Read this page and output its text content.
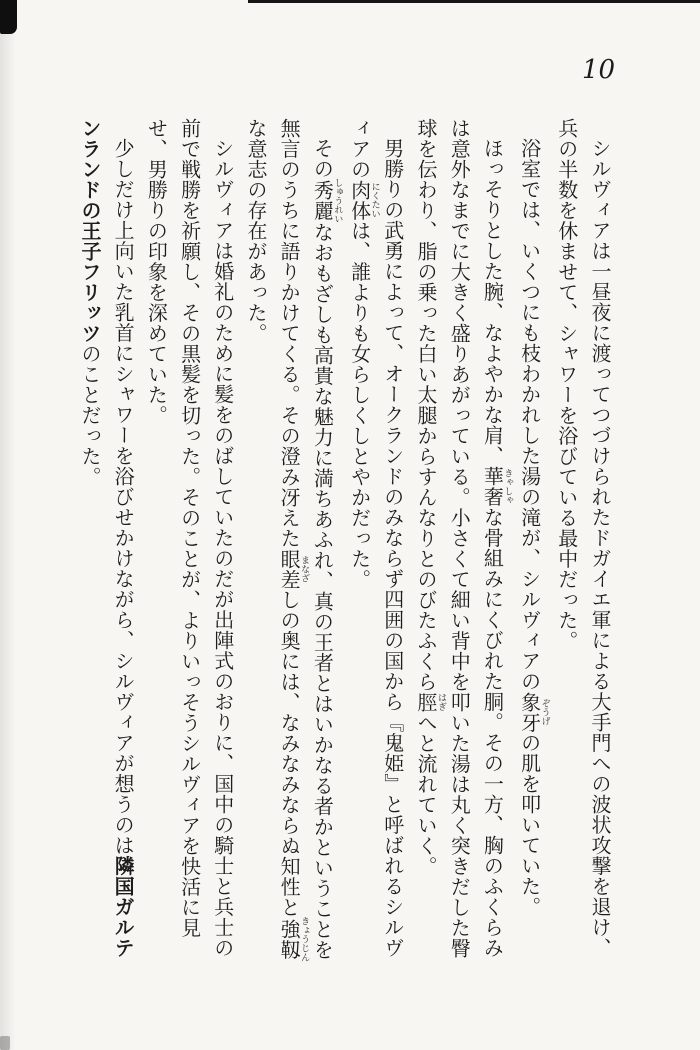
10

シルヴィアは一昼夜に渡ってつづけられたドガイエ軍による大手門への波状攻撃を退け、兵の半数を休ませて、シャワーを浴びている最中だった。

浴室では、いくつにも枝わかれした湯の滝が、シルヴィアの象牙ぞうげの肌を叩いていた。

ほっそりとした腕、なよやかな肩、華奢きゃしゃな骨組みにくびれた胴。その一方、胸のふくらみは意外なまでに大きく盛りあがっている。小さくて細い背中を叩いた湯は丸く突きだした臀球を伝わり、脂の乗った白い太腿からすんなりとのびたふくら脛はぎへと流れていく。

男勝りの武勇によって、オークランドのみならず四囲の国から『鬼姫』と呼ばれるシルヴィアの肉体にくたいは、誰よりも女らしくしとやかだった。

その秀麗しゅうれいなおもざしも高貴な魅力に満ちあふれ、真の王者とはいかなる者かということを無言のうちに語りかけてくる。その澄み冴えた眼差まなざしの奥には、なみなみならぬ知性と強靱きょうじんな意志の存在があった。

シルヴィアは婚礼のために髪をのばしていたのだが出陣式のおりに、国中の騎士と兵士の前で戦勝を祈願し、その黒髪を切った。そのことが、よりいっそうシルヴィアを快活に見せ、男勝りの印象を深めていた。

少しだけ上向いた乳首にシャワーを浴びせかけながら、シルヴィアが想うのは隣国ガルテンランドの王子フリッツのことだった。
